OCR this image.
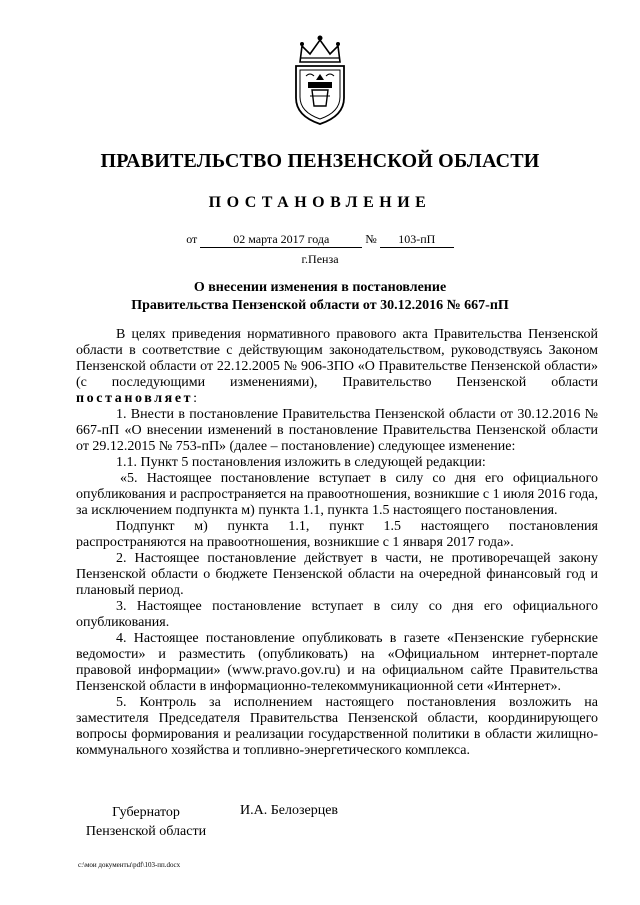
ПРАВИТЕЛЬСТВО ПЕНЗЕНСКОЙ ОБЛАСТИ
ПОСТАНОВЛЕНИЕ
от	02 марта 2017 года	№ 103-пП
г.Пенза
О внесении изменения в постановление
Правительства Пензенской области от 30.12.2016 № 667-пП

В целях приведения нормативного правового акта Правительства Пензенской области в соответствие с действующим законодательством, руководствуясь Законом Пензенской области от 22.12.2005 № 906-ЗПО «О Правительстве Пензенской области» (с последующими изменениями), Правительство Пензенской области постановляет:

1. Внести в постановление Правительства Пензенской области от 30.12.2016 № 667-пП «О внесении изменений в постановление Правительства Пензенской области от 29.12.2015 № 753-пП» (далее – постановление) следующее изменение:

1.1. Пункт 5 постановления изложить в следующей редакции:

«5. Настоящее постановление вступает в силу со дня его официального опубликования и распространяется на правоотношения, возникшие с 1 июля 2016 года, за исключением подпункта м) пункта 1.1, пункта 1.5 настоящего постановления.

Подпункт м) пункта 1.1, пункт 1.5 настоящего постановления распространяются на правоотношения, возникшие с 1 января 2017 года».

2. Настоящее постановление действует в части, не противоречащей закону Пензенской области о бюджете Пензенской области на очередной финансовый год и плановый период.

3. Настоящее постановление вступает в силу со дня его официального опубликования.

4. Настоящее постановление опубликовать в газете «Пензенские губернские ведомости» и разместить (опубликовать) на «Официальном интернет-портале правовой информации» (www.pravo.gov.ru) и на официальном сайте Правительства Пензенской области в информационно-телекоммуникационной сети «Интернет».

5. Контроль за исполнением настоящего постановления возложить на заместителя Председателя Правительства Пензенской области, координирующего вопросы формирования и реализации государственной политики в области жилищно-коммунального хозяйства и топливно-энергетического комплекса.

Губернатор
Пензенской области
И.А. Белозерцев
c:\мои документы\pdf\103-пп.docx
